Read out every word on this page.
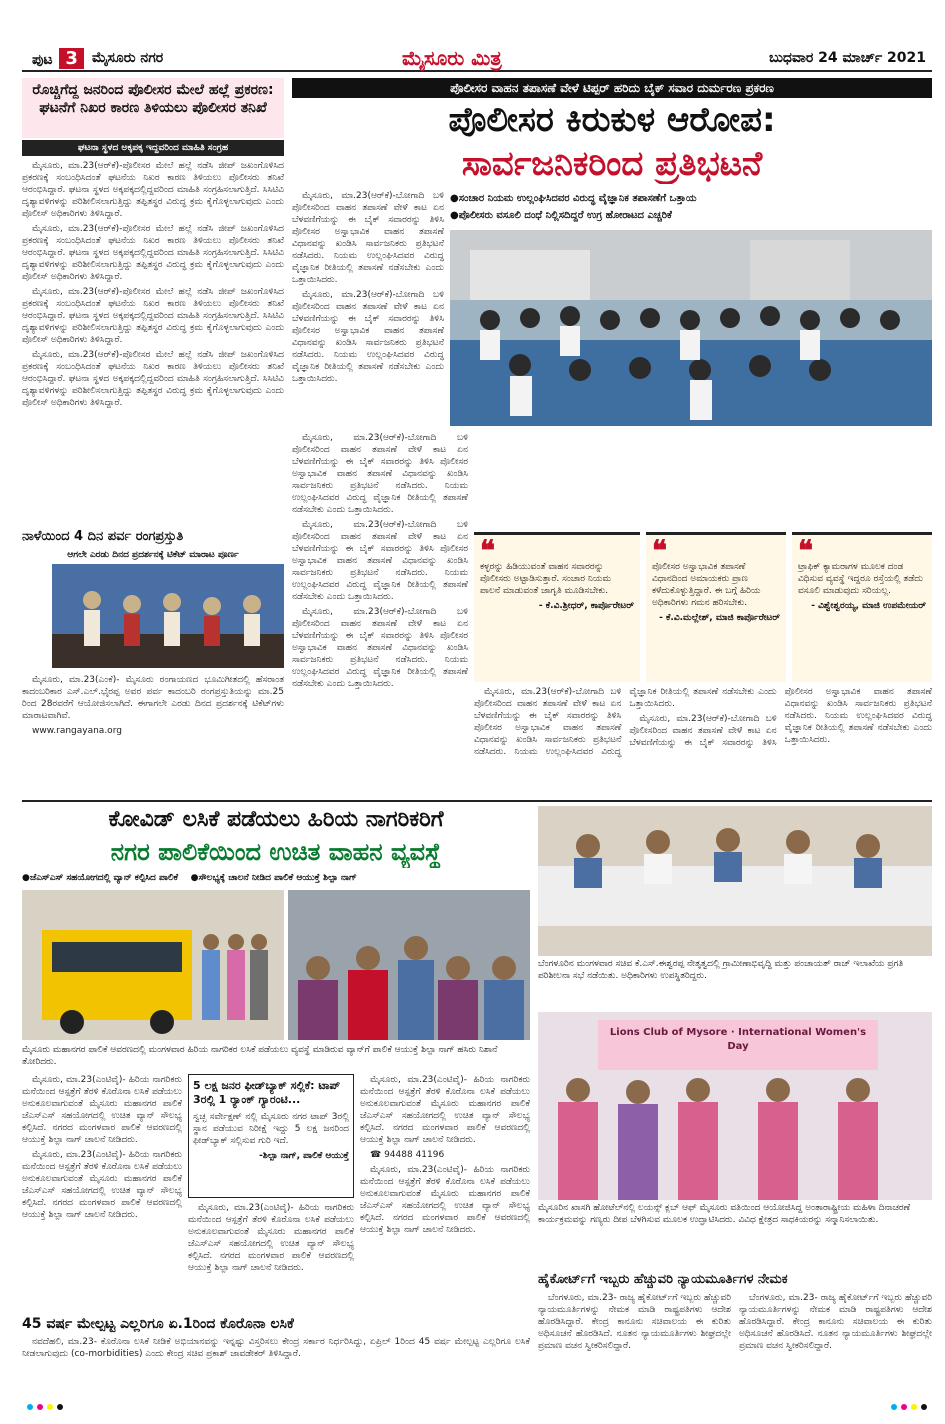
ಪುಟ 3	ಮೈಸೂರು ನಗರ	ಮೈಸೂರು ಮಿತ್ರ	ಬುಧವಾರ 24 ಮಾರ್ಚ್ 2021
ರೊಚ್ಚಿಗೆದ್ದ ಜನರಿಂದ ಪೊಲೀಸರ ಮೇಲೆ ಹಲ್ಲೆ ಪ್ರಕರಣ: ಘಟನೆಗೆ ನಿಖರ ಕಾರಣ ತಿಳಿಯಲು ಪೊಲೀಸರ ತನಿಖೆ
ಘಟನಾ ಸ್ಥಳದ ಅಕ್ಕಪಕ್ಕ ಇದ್ದವರಿಂದ ಮಾಹಿತಿ ಸಂಗ್ರಹ

ಮೈಸೂರು, ಮಾ.23(ಆರ್‌ಕೆ)-ಪೊಲೀಸರ ಮೇಲೆ ಹಲ್ಲೆ ನಡೆಸಿ ಜೀಪ್ ಜಖಂಗೊಳಿಸಿದ ಪ್ರಕರಣಕ್ಕೆ ಸಂಬಂಧಿಸಿದಂತೆ ಘಟನೆಯ ನಿಖರ ಕಾರಣ ತಿಳಿಯಲು ಪೊಲೀಸರು ತನಿಖೆ ಆರಂಭಿಸಿದ್ದಾರೆ. ಘಟನಾ ಸ್ಥಳದ ಅಕ್ಕಪಕ್ಕದಲ್ಲಿದ್ದವರಿಂದ ಮಾಹಿತಿ ಸಂಗ್ರಹಿಸಲಾಗುತ್ತಿದೆ. ಸಿಸಿಟಿವಿ ದೃಶ್ಯಾವಳಿಗಳನ್ನು ಪರಿಶೀಲಿಸಲಾಗುತ್ತಿದ್ದು ತಪ್ಪಿತಸ್ಥರ ವಿರುದ್ಧ ಕ್ರಮ ಕೈಗೊಳ್ಳಲಾಗುವುದು ಎಂದು ಪೊಲೀಸ್ ಅಧಿಕಾರಿಗಳು ತಿಳಿಸಿದ್ದಾರೆ.

ಮೈಸೂರು, ಮಾ.23(ಆರ್‌ಕೆ)-ಪೊಲೀಸರ ಮೇಲೆ ಹಲ್ಲೆ ನಡೆಸಿ ಜೀಪ್ ಜಖಂಗೊಳಿಸಿದ ಪ್ರಕರಣಕ್ಕೆ ಸಂಬಂಧಿಸಿದಂತೆ ಘಟನೆಯ ನಿಖರ ಕಾರಣ ತಿಳಿಯಲು ಪೊಲೀಸರು ತನಿಖೆ ಆರಂಭಿಸಿದ್ದಾರೆ. ಘಟನಾ ಸ್ಥಳದ ಅಕ್ಕಪಕ್ಕದಲ್ಲಿದ್ದವರಿಂದ ಮಾಹಿತಿ ಸಂಗ್ರಹಿಸಲಾಗುತ್ತಿದೆ. ಸಿಸಿಟಿವಿ ದೃಶ್ಯಾವಳಿಗಳನ್ನು ಪರಿಶೀಲಿಸಲಾಗುತ್ತಿದ್ದು ತಪ್ಪಿತಸ್ಥರ ವಿರುದ್ಧ ಕ್ರಮ ಕೈಗೊಳ್ಳಲಾಗುವುದು ಎಂದು ಪೊಲೀಸ್ ಅಧಿಕಾರಿಗಳು ತಿಳಿಸಿದ್ದಾರೆ.

ಮೈಸೂರು, ಮಾ.23(ಆರ್‌ಕೆ)-ಪೊಲೀಸರ ಮೇಲೆ ಹಲ್ಲೆ ನಡೆಸಿ ಜೀಪ್ ಜಖಂಗೊಳಿಸಿದ ಪ್ರಕರಣಕ್ಕೆ ಸಂಬಂಧಿಸಿದಂತೆ ಘಟನೆಯ ನಿಖರ ಕಾರಣ ತಿಳಿಯಲು ಪೊಲೀಸರು ತನಿಖೆ ಆರಂಭಿಸಿದ್ದಾರೆ. ಘಟನಾ ಸ್ಥಳದ ಅಕ್ಕಪಕ್ಕದಲ್ಲಿದ್ದವರಿಂದ ಮಾಹಿತಿ ಸಂಗ್ರಹಿಸಲಾಗುತ್ತಿದೆ. ಸಿಸಿಟಿವಿ ದೃಶ್ಯಾವಳಿಗಳನ್ನು ಪರಿಶೀಲಿಸಲಾಗುತ್ತಿದ್ದು ತಪ್ಪಿತಸ್ಥರ ವಿರುದ್ಧ ಕ್ರಮ ಕೈಗೊಳ್ಳಲಾಗುವುದು ಎಂದು ಪೊಲೀಸ್ ಅಧಿಕಾರಿಗಳು ತಿಳಿಸಿದ್ದಾರೆ.

ಮೈಸೂರು, ಮಾ.23(ಆರ್‌ಕೆ)-ಪೊಲೀಸರ ಮೇಲೆ ಹಲ್ಲೆ ನಡೆಸಿ ಜೀಪ್ ಜಖಂಗೊಳಿಸಿದ ಪ್ರಕರಣಕ್ಕೆ ಸಂಬಂಧಿಸಿದಂತೆ ಘಟನೆಯ ನಿಖರ ಕಾರಣ ತಿಳಿಯಲು ಪೊಲೀಸರು ತನಿಖೆ ಆರಂಭಿಸಿದ್ದಾರೆ. ಘಟನಾ ಸ್ಥಳದ ಅಕ್ಕಪಕ್ಕದಲ್ಲಿದ್ದವರಿಂದ ಮಾಹಿತಿ ಸಂಗ್ರಹಿಸಲಾಗುತ್ತಿದೆ. ಸಿಸಿಟಿವಿ ದೃಶ್ಯಾವಳಿಗಳನ್ನು ಪರಿಶೀಲಿಸಲಾಗುತ್ತಿದ್ದು ತಪ್ಪಿತಸ್ಥರ ವಿರುದ್ಧ ಕ್ರಮ ಕೈಗೊಳ್ಳಲಾಗುವುದು ಎಂದು ಪೊಲೀಸ್ ಅಧಿಕಾರಿಗಳು ತಿಳಿಸಿದ್ದಾರೆ.

ಪೊಲೀಸರ ವಾಹನ ತಪಾಸಣೆ ವೇಳೆ ಟಿಪ್ಪರ್ ಹರಿದು ಬೈಕ್ ಸವಾರ ದುರ್ಮರಣ ಪ್ರಕರಣ
ಪೊಲೀಸರ ಕಿರುಕುಳ ಆರೋಪ:
ಸಾರ್ವಜನಿಕರಿಂದ ಪ್ರತಿಭಟನೆ

ಮೈಸೂರು, ಮಾ.23(ಆರ್‌ಕೆ)-ಬೋಗಾದಿ ಬಳಿ ಪೊಲೀಸರಿಂದ ವಾಹನ ತಪಾಸಣೆ ವೇಳೆ ಕಾಟ ಏನ ಬೆಳವಣಿಗೆಯನ್ನು ಈ ಬೈಕ್ ಸವಾರರನ್ನು ತಿಳಿಸಿ ಪೊಲೀಸರ ಅಸ್ವಾಭಾವಿಕ ವಾಹನ ತಪಾಸಣೆ ವಿಧಾನವನ್ನು ಖಂಡಿಸಿ ಸಾರ್ವಜನಿಕರು ಪ್ರತಿಭಟನೆ ನಡೆಸಿದರು. ನಿಯಮ ಉಲ್ಲಂಘಿಸಿದವರ ವಿರುದ್ಧ ವೈಜ್ಞಾನಿಕ ರೀತಿಯಲ್ಲಿ ತಪಾಸಣೆ ನಡೆಸಬೇಕು ಎಂದು ಒತ್ತಾಯಿಸಿದರು.

ಮೈಸೂರು, ಮಾ.23(ಆರ್‌ಕೆ)-ಬೋಗಾದಿ ಬಳಿ ಪೊಲೀಸರಿಂದ ವಾಹನ ತಪಾಸಣೆ ವೇಳೆ ಕಾಟ ಏನ ಬೆಳವಣಿಗೆಯನ್ನು ಈ ಬೈಕ್ ಸವಾರರನ್ನು ತಿಳಿಸಿ ಪೊಲೀಸರ ಅಸ್ವಾಭಾವಿಕ ವಾಹನ ತಪಾಸಣೆ ವಿಧಾನವನ್ನು ಖಂಡಿಸಿ ಸಾರ್ವಜನಿಕರು ಪ್ರತಿಭಟನೆ ನಡೆಸಿದರು. ನಿಯಮ ಉಲ್ಲಂಘಿಸಿದವರ ವಿರುದ್ಧ ವೈಜ್ಞಾನಿಕ ರೀತಿಯಲ್ಲಿ ತಪಾಸಣೆ ನಡೆಸಬೇಕು ಎಂದು ಒತ್ತಾಯಿಸಿದರು.

●ಸಂಚಾರ ನಿಯಮ ಉಲ್ಲಂಘಿಸಿದವರ ವಿರುದ್ಧ ವೈಜ್ಞಾನಿಕ ತಪಾಸಣೆಗೆ ಒತ್ತಾಯ
●ಪೊಲೀಸರು ವಸೂಲಿ ದಂಧೆ ನಿಲ್ಲಿಸದಿದ್ದರೆ ಉಗ್ರ ಹೋರಾಟದ ಎಚ್ಚರಿಕೆ
❝
ಕಳ್ಳರನ್ನು ಹಿಡಿಯುವಂತೆ ವಾಹನ ಸವಾರರನ್ನು ಪೊಲೀಸರು ಅಟ್ಟಾಡಿಸುತ್ತಾರೆ. ಸಂಚಾರ ನಿಯಮ ಪಾಲನೆ ಮಾಡುವಂತೆ ಜಾಗೃತಿ ಮೂಡಿಸಬೇಕು.
- ಕೆ.ವಿ.ಶ್ರೀಧರ್, ಕಾರ್ಪೊರೇಟರ್
❝
ಪೊಲೀಸರ ಅಸ್ವಾಭಾವಿಕ ತಪಾಸಣೆ ವಿಧಾನದಿಂದ ಅಮಾಯಕರು ಪ್ರಾಣ ಕಳೆದುಕೊಳ್ಳುತ್ತಿದ್ದಾರೆ. ಈ ಬಗ್ಗೆ ಹಿರಿಯ ಅಧಿಕಾರಿಗಳು ಗಮನ ಹರಿಸಬೇಕು.
- ಕೆ.ವಿ.ಮಲ್ಲೇಶ್, ಮಾಜಿ ಕಾರ್ಪೊರೇಟರ್
❝
ಟ್ರಾಫಿಕ್ ಕ್ಯಾಮರಾಗಳ ಮೂಲಕ ದಂಡ ವಿಧಿಸುವ ವ್ಯವಸ್ಥೆ ಇದ್ದರೂ ರಸ್ತೆಯಲ್ಲಿ ತಡೆದು ವಸೂಲಿ ಮಾಡುವುದು ಸರಿಯಲ್ಲ.
- ವಿಶ್ವೇಶ್ವರಯ್ಯ, ಮಾಜಿ ಉಪಮೇಯರ್

ಮೈಸೂರು, ಮಾ.23(ಆರ್‌ಕೆ)-ಬೋಗಾದಿ ಬಳಿ ಪೊಲೀಸರಿಂದ ವಾಹನ ತಪಾಸಣೆ ವೇಳೆ ಕಾಟ ಏನ ಬೆಳವಣಿಗೆಯನ್ನು ಈ ಬೈಕ್ ಸವಾರರನ್ನು ತಿಳಿಸಿ ಪೊಲೀಸರ ಅಸ್ವಾಭಾವಿಕ ವಾಹನ ತಪಾಸಣೆ ವಿಧಾನವನ್ನು ಖಂಡಿಸಿ ಸಾರ್ವಜನಿಕರು ಪ್ರತಿಭಟನೆ ನಡೆಸಿದರು. ನಿಯಮ ಉಲ್ಲಂಘಿಸಿದವರ ವಿರುದ್ಧ ವೈಜ್ಞಾನಿಕ ರೀತಿಯಲ್ಲಿ ತಪಾಸಣೆ ನಡೆಸಬೇಕು ಎಂದು ಒತ್ತಾಯಿಸಿದರು.

ಮೈಸೂರು, ಮಾ.23(ಆರ್‌ಕೆ)-ಬೋಗಾದಿ ಬಳಿ ಪೊಲೀಸರಿಂದ ವಾಹನ ತಪಾಸಣೆ ವೇಳೆ ಕಾಟ ಏನ ಬೆಳವಣಿಗೆಯನ್ನು ಈ ಬೈಕ್ ಸವಾರರನ್ನು ತಿಳಿಸಿ ಪೊಲೀಸರ ಅಸ್ವಾಭಾವಿಕ ವಾಹನ ತಪಾಸಣೆ ವಿಧಾನವನ್ನು ಖಂಡಿಸಿ ಸಾರ್ವಜನಿಕರು ಪ್ರತಿಭಟನೆ ನಡೆಸಿದರು. ನಿಯಮ ಉಲ್ಲಂಘಿಸಿದವರ ವಿರುದ್ಧ ವೈಜ್ಞಾನಿಕ ರೀತಿಯಲ್ಲಿ ತಪಾಸಣೆ ನಡೆಸಬೇಕು ಎಂದು ಒತ್ತಾಯಿಸಿದರು.

ಮೈಸೂರು, ಮಾ.23(ಆರ್‌ಕೆ)-ಬೋಗಾದಿ ಬಳಿ ಪೊಲೀಸರಿಂದ ವಾಹನ ತಪಾಸಣೆ ವೇಳೆ ಕಾಟ ಏನ ಬೆಳವಣಿಗೆಯನ್ನು ಈ ಬೈಕ್ ಸವಾರರನ್ನು ತಿಳಿಸಿ ಪೊಲೀಸರ ಅಸ್ವಾಭಾವಿಕ ವಾಹನ ತಪಾಸಣೆ ವಿಧಾನವನ್ನು ಖಂಡಿಸಿ ಸಾರ್ವಜನಿಕರು ಪ್ರತಿಭಟನೆ ನಡೆಸಿದರು. ನಿಯಮ ಉಲ್ಲಂಘಿಸಿದವರ ವಿರುದ್ಧ ವೈಜ್ಞಾನಿಕ ರೀತಿಯಲ್ಲಿ ತಪಾಸಣೆ ನಡೆಸಬೇಕು ಎಂದು ಒತ್ತಾಯಿಸಿದರು.

ಮೈಸೂರು, ಮಾ.23(ಆರ್‌ಕೆ)-ಬೋಗಾದಿ ಬಳಿ ಪೊಲೀಸರಿಂದ ವಾಹನ ತಪಾಸಣೆ ವೇಳೆ ಕಾಟ ಏನ ಬೆಳವಣಿಗೆಯನ್ನು ಈ ಬೈಕ್ ಸವಾರರನ್ನು ತಿಳಿಸಿ ಪೊಲೀಸರ ಅಸ್ವಾಭಾವಿಕ ವಾಹನ ತಪಾಸಣೆ ವಿಧಾನವನ್ನು ಖಂಡಿಸಿ ಸಾರ್ವಜನಿಕರು ಪ್ರತಿಭಟನೆ ನಡೆಸಿದರು. ನಿಯಮ ಉಲ್ಲಂಘಿಸಿದವರ ವಿರುದ್ಧ ವೈಜ್ಞಾನಿಕ ರೀತಿಯಲ್ಲಿ ತಪಾಸಣೆ ನಡೆಸಬೇಕು ಎಂದು ಒತ್ತಾಯಿಸಿದರು.

ಮೈಸೂರು, ಮಾ.23(ಆರ್‌ಕೆ)-ಬೋಗಾದಿ ಬಳಿ ಪೊಲೀಸರಿಂದ ವಾಹನ ತಪಾಸಣೆ ವೇಳೆ ಕಾಟ ಏನ ಬೆಳವಣಿಗೆಯನ್ನು ಈ ಬೈಕ್ ಸವಾರರನ್ನು ತಿಳಿಸಿ ಪೊಲೀಸರ ಅಸ್ವಾಭಾವಿಕ ವಾಹನ ತಪಾಸಣೆ ವಿಧಾನವನ್ನು ಖಂಡಿಸಿ ಸಾರ್ವಜನಿಕರು ಪ್ರತಿಭಟನೆ ನಡೆಸಿದರು. ನಿಯಮ ಉಲ್ಲಂಘಿಸಿದವರ ವಿರುದ್ಧ ವೈಜ್ಞಾನಿಕ ರೀತಿಯಲ್ಲಿ ತಪಾಸಣೆ ನಡೆಸಬೇಕು ಎಂದು ಒತ್ತಾಯಿಸಿದರು.

ನಾಳೆಯಿಂದ 4 ದಿನ ಪರ್ವ ರಂಗಪ್ರಸ್ತುತಿ
ಆಗಲೇ ಎರಡು ದಿನದ ಪ್ರದರ್ಶನಕ್ಕೆ ಟಿಕೆಟ್ ಮಾರಾಟ ಪೂರ್ಣ

ಮೈಸೂರು, ಮಾ.23(ಎಂಕೆ)- ಮೈಸೂರು ರಂಗಾಯಣದ ಭೂಮಿಗೀತದಲ್ಲಿ ಹೆಸರಾಂತ ಕಾದಂಬರಿಕಾರ ಎಸ್.ಎಲ್.ಭೈರಪ್ಪ ಅವರ ಪರ್ವ ಕಾದಂಬರಿ ರಂಗಪ್ರಸ್ತುತಿಯನ್ನು ಮಾ.25 ರಿಂದ 28ರವರೆಗೆ ಆಯೋಜಿಸಲಾಗಿದೆ. ಈಗಾಗಲೇ ಎರಡು ದಿನದ ಪ್ರದರ್ಶನಕ್ಕೆ ಟಿಕೆಟ್‌ಗಳು ಮಾರಾಟವಾಗಿವೆ.

www.rangayana.org

ಕೋವಿಡ್ ಲಸಿಕೆ ಪಡೆಯಲು ಹಿರಿಯ ನಾಗರಿಕರಿಗೆ
ನಗರ ಪಾಲಿಕೆಯಿಂದ ಉಚಿತ ವಾಹನ ವ್ಯವಸ್ಥೆ
●ಜೆಎಸ್‌ಎಸ್ ಸಹಯೋಗದಲ್ಲಿ ವ್ಯಾನ್ ಕಲ್ಪಿಸಿದ ಪಾಲಿಕೆ ●ಸೌಲಭ್ಯಕ್ಕೆ ಚಾಲನೆ ನೀಡಿದ ಪಾಲಿಕೆ ಆಯುಕ್ತೆ ಶಿಲ್ಪಾ ನಾಗ್
ಮೈಸೂರು ಮಹಾನಗರ ಪಾಲಿಕೆ ಆವರಣದಲ್ಲಿ ಮಂಗಳವಾರ ಹಿರಿಯ ನಾಗರಿಕರ ಲಸಿಕೆ ಪಡೆಯಲು ವ್ಯವಸ್ಥೆ ಮಾಡಿರುವ ವ್ಯಾನ್‌ಗೆ ಪಾಲಿಕೆ ಆಯುಕ್ತೆ ಶಿಲ್ಪಾ ನಾಗ್ ಹಸಿರು ನಿಶಾನೆ ತೋರಿದರು.

ಮೈಸೂರು, ಮಾ.23(ಎಂಟಿವೈ)- ಹಿರಿಯ ನಾಗರಿಕರು ಮನೆಯಿಂದ ಆಸ್ಪತ್ರೆಗೆ ತೆರಳಿ ಕೊರೊನಾ ಲಸಿಕೆ ಪಡೆಯಲು ಅನುಕೂಲವಾಗುವಂತೆ ಮೈಸೂರು ಮಹಾನಗರ ಪಾಲಿಕೆ ಜೆಎಸ್‌ಎಸ್ ಸಹಯೋಗದಲ್ಲಿ ಉಚಿತ ವ್ಯಾನ್ ಸೌಲಭ್ಯ ಕಲ್ಪಿಸಿದೆ. ನಗರದ ಮಂಗಳವಾರ ಪಾಲಿಕೆ ಆವರಣದಲ್ಲಿ ಆಯುಕ್ತೆ ಶಿಲ್ಪಾ ನಾಗ್ ಚಾಲನೆ ನೀಡಿದರು.

ಮೈಸೂರು, ಮಾ.23(ಎಂಟಿವೈ)- ಹಿರಿಯ ನಾಗರಿಕರು ಮನೆಯಿಂದ ಆಸ್ಪತ್ರೆಗೆ ತೆರಳಿ ಕೊರೊನಾ ಲಸಿಕೆ ಪಡೆಯಲು ಅನುಕೂಲವಾಗುವಂತೆ ಮೈಸೂರು ಮಹಾನಗರ ಪಾಲಿಕೆ ಜೆಎಸ್‌ಎಸ್ ಸಹಯೋಗದಲ್ಲಿ ಉಚಿತ ವ್ಯಾನ್ ಸೌಲಭ್ಯ ಕಲ್ಪಿಸಿದೆ. ನಗರದ ಮಂಗಳವಾರ ಪಾಲಿಕೆ ಆವರಣದಲ್ಲಿ ಆಯುಕ್ತೆ ಶಿಲ್ಪಾ ನಾಗ್ ಚಾಲನೆ ನೀಡಿದರು.

5 ಲಕ್ಷ ಜನರ ಫೀಡ್‌ಬ್ಯಾಕ್ ಸಲ್ಲಿಕೆ: ಟಾಪ್ 3ರಲ್ಲಿ 1 ರ್‍ಯಾಂಕ್ ಗ್ಯಾರಂಟಿ...
ಸ್ವಚ್ಛ ಸರ್ವೇಕ್ಷಣ್ ನಲ್ಲಿ ಮೈಸೂರು ನಗರ ಟಾಪ್ 3ರಲ್ಲಿ ಸ್ಥಾನ ಪಡೆಯುವ ನಿರೀಕ್ಷೆ ಇದ್ದು 5 ಲಕ್ಷ ಜನರಿಂದ ಫೀಡ್‌ಬ್ಯಾಕ್ ಸಲ್ಲಿಸುವ ಗುರಿ ಇದೆ.
-ಶಿಲ್ಪಾ ನಾಗ್, ಪಾಲಿಕೆ ಆಯುಕ್ತೆ

ಮೈಸೂರು, ಮಾ.23(ಎಂಟಿವೈ)- ಹಿರಿಯ ನಾಗರಿಕರು ಮನೆಯಿಂದ ಆಸ್ಪತ್ರೆಗೆ ತೆರಳಿ ಕೊರೊನಾ ಲಸಿಕೆ ಪಡೆಯಲು ಅನುಕೂಲವಾಗುವಂತೆ ಮೈಸೂರು ಮಹಾನಗರ ಪಾಲಿಕೆ ಜೆಎಸ್‌ಎಸ್ ಸಹಯೋಗದಲ್ಲಿ ಉಚಿತ ವ್ಯಾನ್ ಸೌಲಭ್ಯ ಕಲ್ಪಿಸಿದೆ. ನಗರದ ಮಂಗಳವಾರ ಪಾಲಿಕೆ ಆವರಣದಲ್ಲಿ ಆಯುಕ್ತೆ ಶಿಲ್ಪಾ ನಾಗ್ ಚಾಲನೆ ನೀಡಿದರು.

ಮೈಸೂರು, ಮಾ.23(ಎಂಟಿವೈ)- ಹಿರಿಯ ನಾಗರಿಕರು ಮನೆಯಿಂದ ಆಸ್ಪತ್ರೆಗೆ ತೆರಳಿ ಕೊರೊನಾ ಲಸಿಕೆ ಪಡೆಯಲು ಅನುಕೂಲವಾಗುವಂತೆ ಮೈಸೂರು ಮಹಾನಗರ ಪಾಲಿಕೆ ಜೆಎಸ್‌ಎಸ್ ಸಹಯೋಗದಲ್ಲಿ ಉಚಿತ ವ್ಯಾನ್ ಸೌಲಭ್ಯ ಕಲ್ಪಿಸಿದೆ. ನಗರದ ಮಂಗಳವಾರ ಪಾಲಿಕೆ ಆವರಣದಲ್ಲಿ ಆಯುಕ್ತೆ ಶಿಲ್ಪಾ ನಾಗ್ ಚಾಲನೆ ನೀಡಿದರು.

☎ 94488 41196

ಮೈಸೂರು, ಮಾ.23(ಎಂಟಿವೈ)- ಹಿರಿಯ ನಾಗರಿಕರು ಮನೆಯಿಂದ ಆಸ್ಪತ್ರೆಗೆ ತೆರಳಿ ಕೊರೊನಾ ಲಸಿಕೆ ಪಡೆಯಲು ಅನುಕೂಲವಾಗುವಂತೆ ಮೈಸೂರು ಮಹಾನಗರ ಪಾಲಿಕೆ ಜೆಎಸ್‌ಎಸ್ ಸಹಯೋಗದಲ್ಲಿ ಉಚಿತ ವ್ಯಾನ್ ಸೌಲಭ್ಯ ಕಲ್ಪಿಸಿದೆ. ನಗರದ ಮಂಗಳವಾರ ಪಾಲಿಕೆ ಆವರಣದಲ್ಲಿ ಆಯುಕ್ತೆ ಶಿಲ್ಪಾ ನಾಗ್ ಚಾಲನೆ ನೀಡಿದರು.

45 ವರ್ಷ ಮೇಲ್ಪಟ್ಟ ಎಲ್ಲರಿಗೂ ಏ.1ರಿಂದ ಕೊರೊನಾ ಲಸಿಕೆ

ನವದೆಹಲಿ, ಮಾ.23- ಕೊರೊನಾ ಲಸಿಕೆ ನೀಡಿಕೆ ಅಭಿಯಾನವನ್ನು ಇನ್ನಷ್ಟು ವಿಸ್ತರಿಸಲು ಕೇಂದ್ರ ಸರ್ಕಾರ ನಿರ್ಧರಿಸಿದ್ದು, ಏಪ್ರಿಲ್ 1ರಿಂದ 45 ವರ್ಷ ಮೇಲ್ಪಟ್ಟ ಎಲ್ಲರಿಗೂ ಲಸಿಕೆ ನೀಡಲಾಗುವುದು (co-morbidities) ಎಂದು ಕೇಂದ್ರ ಸಚಿವ ಪ್ರಕಾಶ್ ಜಾವಡೇಕರ್ ತಿಳಿಸಿದ್ದಾರೆ.

ಬೆಂಗಳೂರಿನ ಮಂಗಳವಾರ ಸಚಿವ ಕೆ.ಎಸ್.ಈಶ್ವರಪ್ಪ ನೇತೃತ್ವದಲ್ಲಿ ಗ್ರಾಮೀಣಾಭಿವೃದ್ಧಿ ಮತ್ತು ಪಂಚಾಯತ್ ರಾಜ್ ಇಲಾಖೆಯ ಪ್ರಗತಿ ಪರಿಶೀಲನಾ ಸಭೆ ನಡೆಯಿತು. ಅಧಿಕಾರಿಗಳು ಉಪಸ್ಥಿತರಿದ್ದರು.
Lions Club of Mysore · International Women's Day
ಮೈಸೂರಿನ ಖಾಸಗಿ ಹೋಟೆಲ್‌ನಲ್ಲಿ ಲಯನ್ಸ್ ಕ್ಲಬ್ ಆಫ್ ಮೈಸೂರು ವತಿಯಿಂದ ಆಯೋಜಿಸಿದ್ದ ಅಂತಾರಾಷ್ಟ್ರೀಯ ಮಹಿಳಾ ದಿನಾಚರಣೆ ಕಾರ್ಯಕ್ರಮವನ್ನು ಗಣ್ಯರು ದೀಪ ಬೆಳಗಿಸುವ ಮೂಲಕ ಉದ್ಘಾಟಿಸಿದರು. ವಿವಿಧ ಕ್ಷೇತ್ರದ ಸಾಧಕಿಯರನ್ನು ಸನ್ಮಾನಿಸಲಾಯಿತು.
ಹೈಕೋರ್ಟ್‌ಗೆ ಇಬ್ಬರು ಹೆಚ್ಚುವರಿ ನ್ಯಾಯಮೂರ್ತಿಗಳ ನೇಮಕ

ಬೆಂಗಳೂರು, ಮಾ.23- ರಾಜ್ಯ ಹೈಕೋರ್ಟ್‌ಗೆ ಇಬ್ಬರು ಹೆಚ್ಚುವರಿ ನ್ಯಾಯಮೂರ್ತಿಗಳನ್ನು ನೇಮಕ ಮಾಡಿ ರಾಷ್ಟ್ರಪತಿಗಳು ಆದೇಶ ಹೊರಡಿಸಿದ್ದಾರೆ. ಕೇಂದ್ರ ಕಾನೂನು ಸಚಿವಾಲಯ ಈ ಕುರಿತು ಅಧಿಸೂಚನೆ ಹೊರಡಿಸಿದೆ. ನೂತನ ನ್ಯಾಯಮೂರ್ತಿಗಳು ಶೀಘ್ರದಲ್ಲೇ ಪ್ರಮಾಣ ವಚನ ಸ್ವೀಕರಿಸಲಿದ್ದಾರೆ.

ಬೆಂಗಳೂರು, ಮಾ.23- ರಾಜ್ಯ ಹೈಕೋರ್ಟ್‌ಗೆ ಇಬ್ಬರು ಹೆಚ್ಚುವರಿ ನ್ಯಾಯಮೂರ್ತಿಗಳನ್ನು ನೇಮಕ ಮಾಡಿ ರಾಷ್ಟ್ರಪತಿಗಳು ಆದೇಶ ಹೊರಡಿಸಿದ್ದಾರೆ. ಕೇಂದ್ರ ಕಾನೂನು ಸಚಿವಾಲಯ ಈ ಕುರಿತು ಅಧಿಸೂಚನೆ ಹೊರಡಿಸಿದೆ. ನೂತನ ನ್ಯಾಯಮೂರ್ತಿಗಳು ಶೀಘ್ರದಲ್ಲೇ ಪ್ರಮಾಣ ವಚನ ಸ್ವೀಕರಿಸಲಿದ್ದಾರೆ.
